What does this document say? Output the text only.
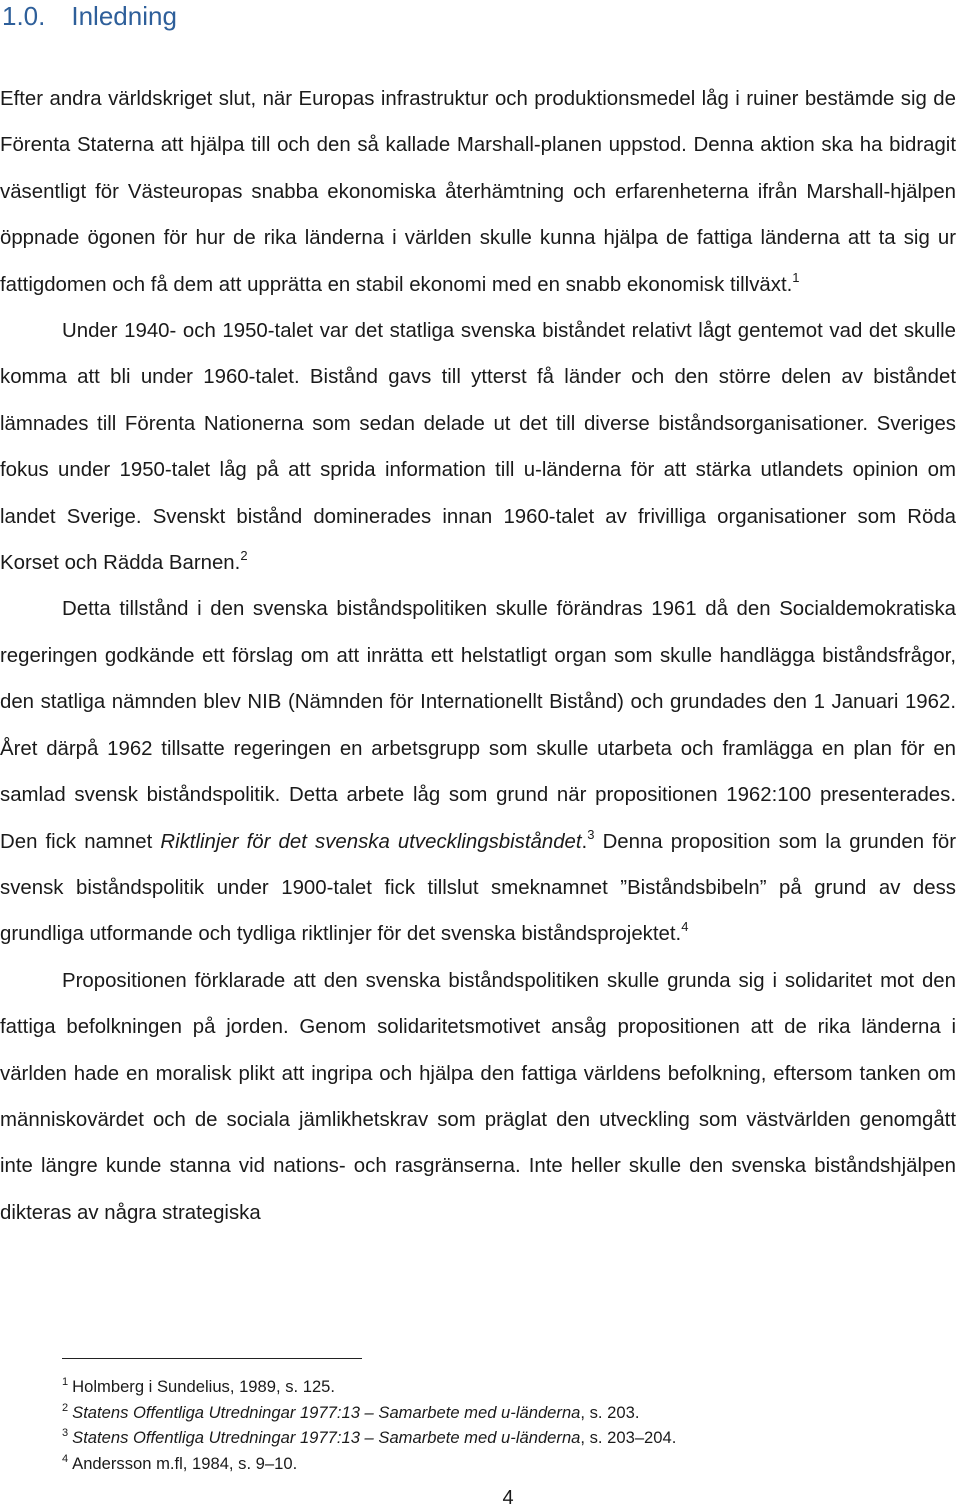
1.0. Inledning

Efter andra världskriget slut, när Europas infrastruktur och produktionsmedel låg i ruiner bestämde sig de Förenta Staterna att hjälpa till och den så kallade Marshall-planen uppstod. Denna aktion ska ha bidragit väsentligt för Västeuropas snabba ekonomiska återhämtning och erfarenheterna ifrån Marshall-hjälpen öppnade ögonen för hur de rika länderna i världen skulle kunna hjälpa de fattiga länderna att ta sig ur fattigdomen och få dem att upprätta en stabil ekonomi med en snabb ekonomisk tillväxt.$^1$

Under 1940- och 1950-talet var det statliga svenska biståndet relativt lågt gentemot vad det skulle komma att bli under 1960-talet. Bistånd gavs till ytterst få länder och den större delen av biståndet lämnades till Förenta Nationerna som sedan delade ut det till diverse biståndsorganisationer. Sveriges fokus under 1950-talet låg på att sprida information till u-länderna för att stärka utlandets opinion om landet Sverige. Svenskt bistånd dominerades innan 1960-talet av frivilliga organisationer som Röda Korset och Rädda Barnen.$^2$

Detta tillstånd i den svenska biståndspolitiken skulle förändras 1961 då den Socialdemokratiska regeringen godkände ett förslag om att inrätta ett helstatligt organ som skulle handlägga biståndsfrågor, den statliga nämnden blev NIB (Nämnden för Internationellt Bistånd) och grundades den 1 Januari 1962. Året därpå 1962 tillsatte regeringen en arbetsgrupp som skulle utarbeta och framlägga en plan för en samlad svensk biståndspolitik. Detta arbete låg som grund när propositionen 1962:100 presenterades. Den fick namnet Riktlinjer för det svenska utvecklingsbiståndet.$^3$ Denna proposition som la grunden för svensk biståndspolitik under 1900-talet fick tillslut smeknamnet ”Biståndsbibeln” på grund av dess grundliga utformande och tydliga riktlinjer för det svenska biståndsprojektet.$^4$

Propositionen förklarade att den svenska biståndspolitiken skulle grunda sig i solidaritet mot den fattiga befolkningen på jorden. Genom solidaritetsmotivet ansåg propositionen att de rika länderna i världen hade en moralisk plikt att ingripa och hjälpa den fattiga världens befolkning, eftersom tanken om människovärdet och de sociala jämlikhetskrav som präglat den utveckling som västvärlden genomgått inte längre kunde stanna vid nations- och rasgränserna. Inte heller skulle den svenska biståndshjälpen dikteras av några strategiska

$^1$ Holmberg i Sundelius, 1989, s. 125.
$^2$ Statens Offentliga Utredningar 1977:13 – Samarbete med u-länderna, s. 203.
$^3$ Statens Offentliga Utredningar 1977:13 – Samarbete med u-länderna, s. 203–204.
$^4$ Andersson m.fl, 1984, s. 9–10.
4
